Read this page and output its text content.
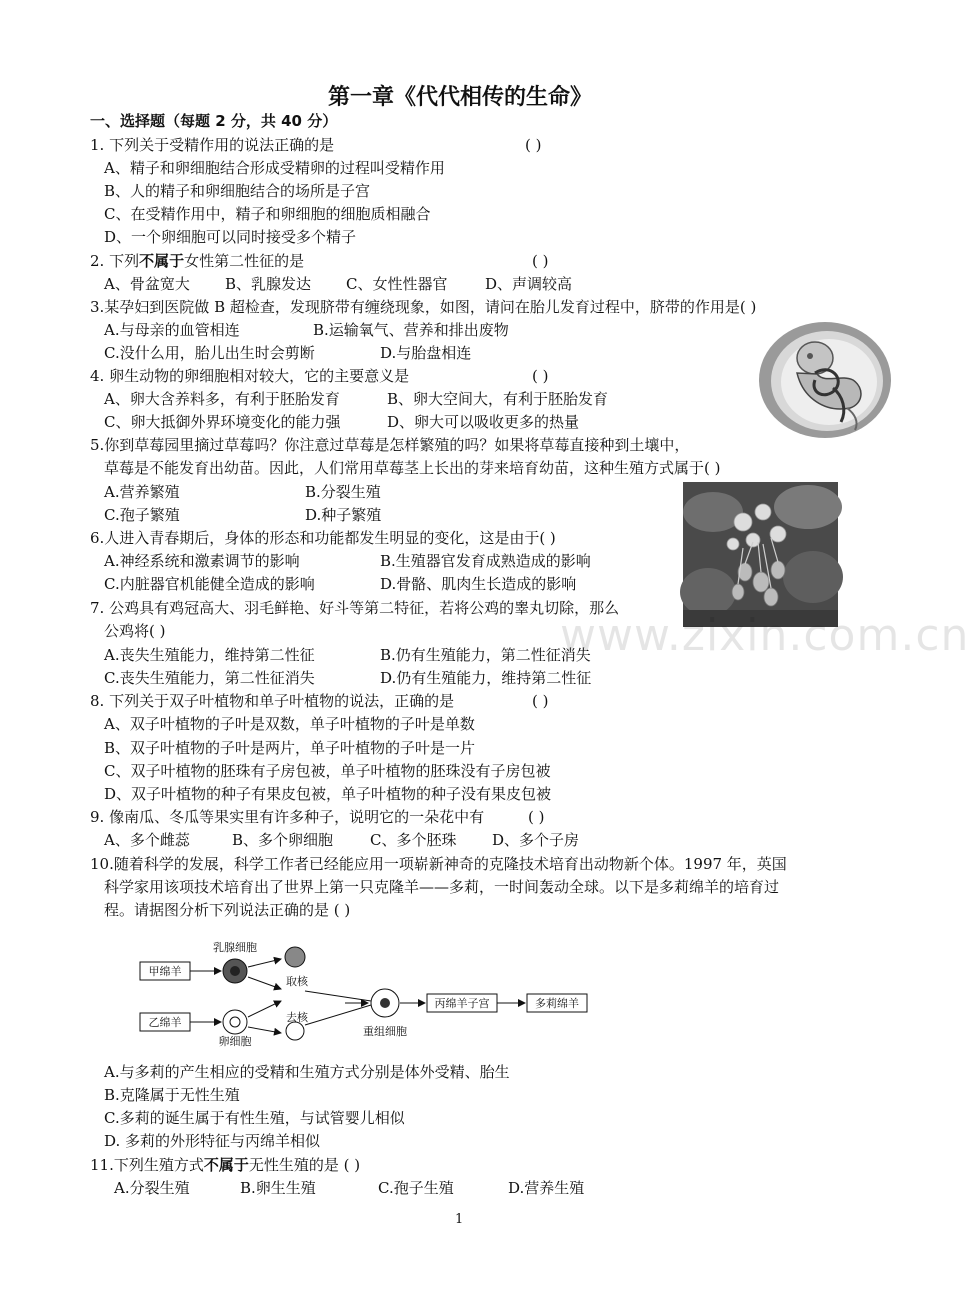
第一章《代代相传的生命》
一、选择题（每题 2 分，共 40 分）
1. 下列关于受精作用的说法正确的是	( )
A、精子和卵细胞结合形成受精卵的过程叫受精作用
B、人的精子和卵细胞结合的场所是子宫
C、在受精作用中，精子和卵细胞的细胞质相融合
D、一个卵细胞可以同时接受多个精子
2. 下列不属于女性第二性征的是	( )
A、骨盆宽大 B、乳腺发达 C、女性性器官	D、声调较高
3.某孕妇到医院做 B 超检查，发现脐带有缠绕现象，如图，请问在胎儿发育过程中，脐带的作用是( )
A.与母亲的血管相连	B.运输氧气、营养和排出废物
C.没什么用，胎儿出生时会剪断	D.与胎盘相连
4. 卵生动物的卵细胞相对较大，它的主要意义是	( )
A、卵大含养料多，有利于胚胎发育	B、卵大空间大，有利于胚胎发育
C、卵大抵御外界环境变化的能力强	D、卵大可以吸收更多的热量
5.你到草莓园里摘过草莓吗？你注意过草莓是怎样繁殖的吗？如果将草莓直接种到土壤中，
草莓是不能发育出幼苗。因此，人们常用草莓茎上长出的芽来培育幼苗，这种生殖方式属于( )
A.营养繁殖	B.分裂生殖
C.孢子繁殖	D.种子繁殖
6.人进入青春期后，身体的形态和功能都发生明显的变化，这是由于( )
A.神经系统和激素调节的影响	B.生殖器官发育成熟造成的影响
C.内脏器官机能健全造成的影响	D.骨骼、肌肉生长造成的影响
7. 公鸡具有鸡冠高大、羽毛鲜艳、好斗等第二特征，若将公鸡的睾丸切除，那么
公鸡将( )
A.丧失生殖能力，维持第二性征	B.仍有生殖能力，第二性征消失
C.丧失生殖能力，第二性征消失	D.仍有生殖能力，维持第二性征
8. 下列关于双子叶植物和单子叶植物的说法，正确的是	( )
A、双子叶植物的子叶是双数，单子叶植物的子叶是单数
B、双子叶植物的子叶是两片，单子叶植物的子叶是一片
C、双子叶植物的胚珠有子房包被，单子叶植物的胚珠没有子房包被
D、双子叶植物的种子有果皮包被，单子叶植物的种子没有果皮包被
9. 像南瓜、冬瓜等果实里有许多种子，说明它的一朵花中有	( )
A、多个雌蕊	B、多个卵细胞 C、多个胚珠 D、多个子房
10.随着科学的发展，科学工作者已经能应用一项崭新神奇的克隆技术培育出动物新个体。1997 年，英国
科学家用该项技术培育出了世界上第一只克隆羊——多莉，一时间轰动全球。以下是多莉绵羊的培育过
程。请据图分析下列说法正确的是 ( )
甲绵羊
乳腺细胞
取核
乙绵羊
卵细胞
去核
重组细胞
丙绵羊子宫	多莉绵羊
A.与多莉的产生相应的受精和生殖方式分别是体外受精、胎生
B.克隆属于无性生殖
C.多莉的诞生属于有性生殖，与试管婴儿相似
D. 多莉的外形特征与丙绵羊相似
11.下列生殖方式不属于无性生殖的是 ( )
A.分裂生殖	B.卵生生殖	C.孢子生殖	D.营养生殖
www.zixin.com.cn
1
